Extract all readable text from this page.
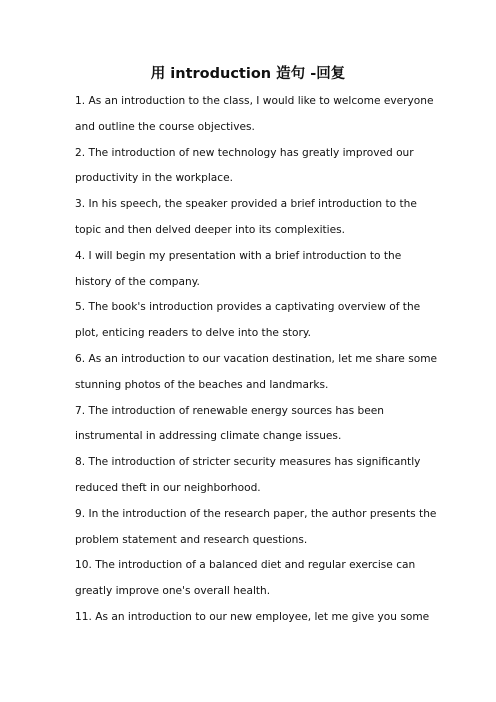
用 introduction 造句 -回复
1. As an introduction to the class, I would like to welcome everyone
and outline the course objectives.
2. The introduction of new technology has greatly improved our
productivity in the workplace.
3. In his speech, the speaker provided a brief introduction to the
topic and then delved deeper into its complexities.
4. I will begin my presentation with a brief introduction to the
history of the company.
5. The book's introduction provides a captivating overview of the
plot, enticing readers to delve into the story.
6. As an introduction to our vacation destination, let me share some
stunning photos of the beaches and landmarks.
7. The introduction of renewable energy sources has been
instrumental in addressing climate change issues.
8. The introduction of stricter security measures has significantly
reduced theft in our neighborhood.
9. In the introduction of the research paper, the author presents the
problem statement and research questions.
10. The introduction of a balanced diet and regular exercise can
greatly improve one's overall health.
11. As an introduction to our new employee, let me give you some
